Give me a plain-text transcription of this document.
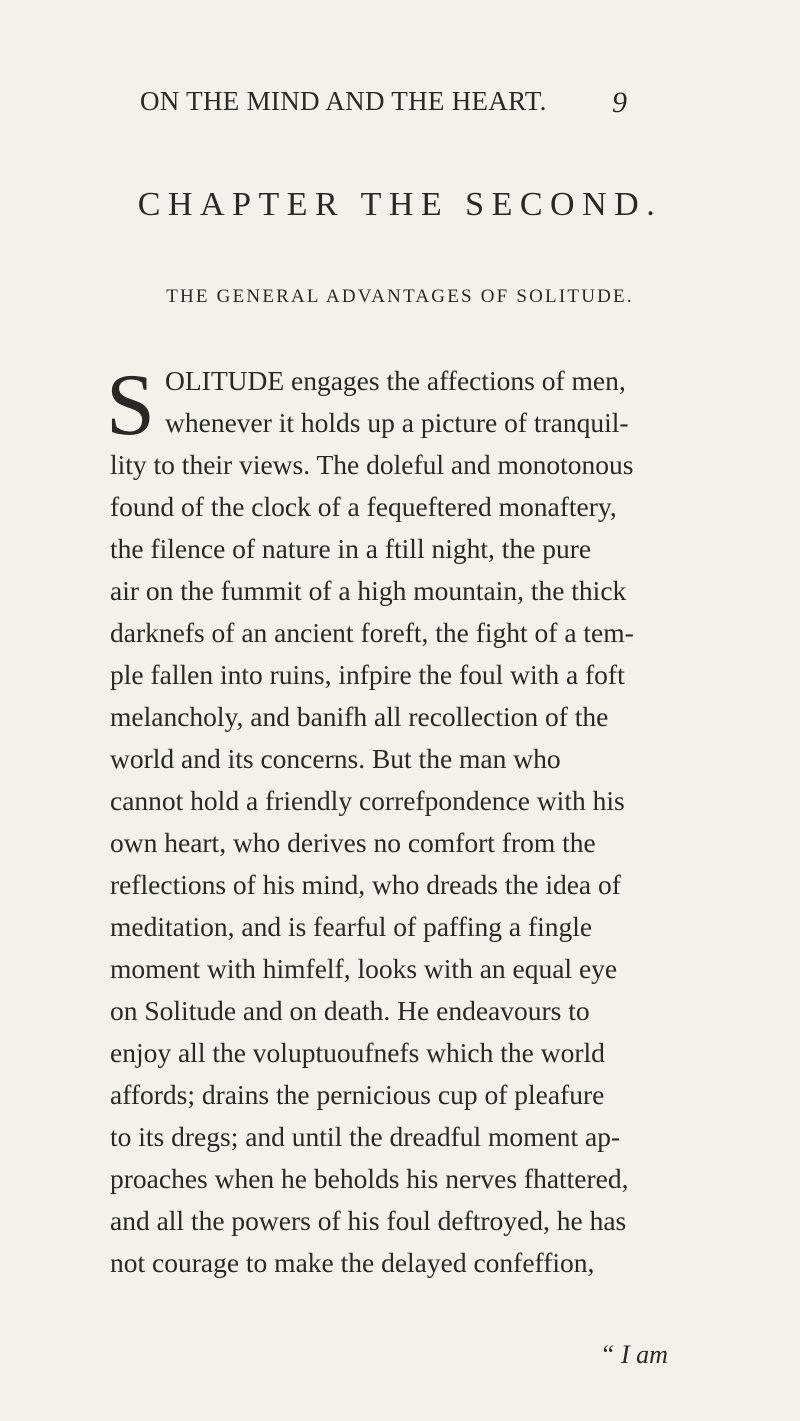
ON THE MIND AND THE HEART. 9
CHAPTER THE SECOND.
THE GENERAL ADVANTAGES OF SOLITUDE.
S OLITUDE engages the affections of men,
whenever it holds up a picture of tranquil-
lity to their views. The doleful and monotonous
found of the clock of a fequeftered monaftery,
the filence of nature in a ftill night, the pure
air on the fummit of a high mountain, the thick
darknefs of an ancient foreft, the fight of a tem-
ple fallen into ruins, infpire the foul with a foft
melancholy, and banifh all recollection of the
world and its concerns. But the man who
cannot hold a friendly correfpondence with his
own heart, who derives no comfort from the
reflections of his mind, who dreads the idea of
meditation, and is fearful of paffing a fingle
moment with himfelf, looks with an equal eye
on Solitude and on death. He endeavours to
enjoy all the voluptuoufnefs which the world
affords; drains the pernicious cup of pleafure
to its dregs; and until the dreadful moment ap-
proaches when he beholds his nerves fhattered,
and all the powers of his foul deftroyed, he has
not courage to make the delayed confeffion,
“ I am
